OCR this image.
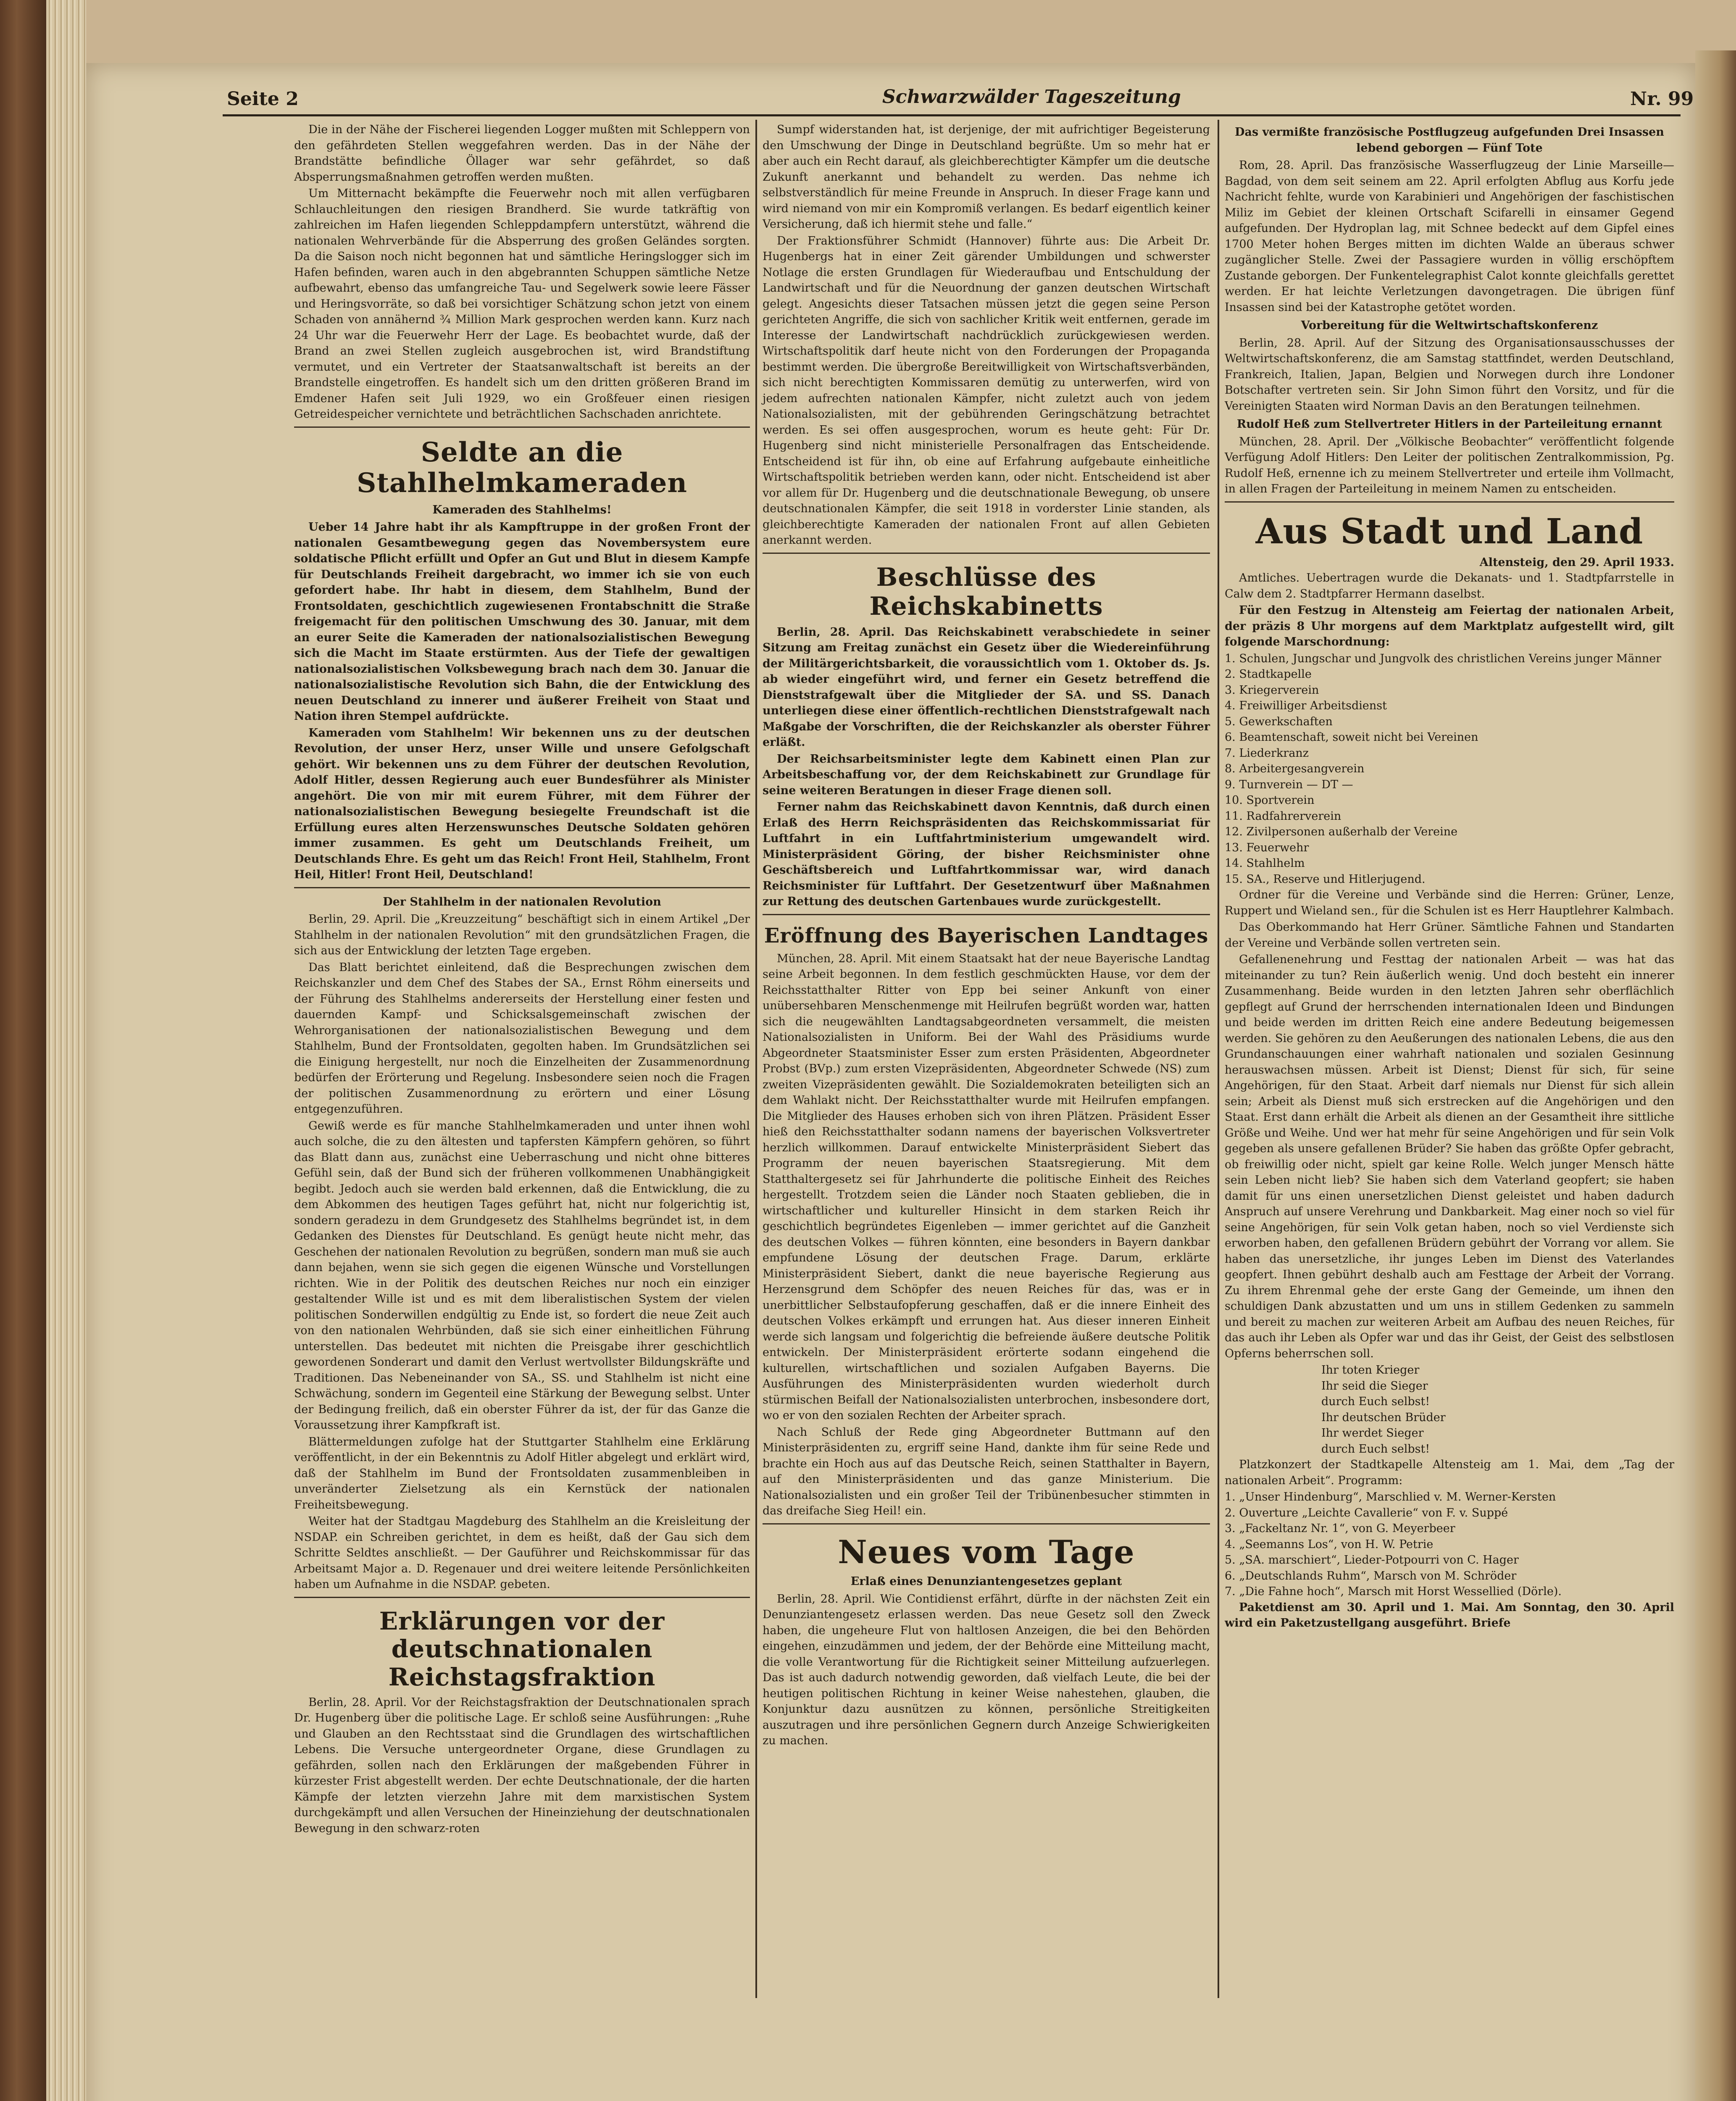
Seite 2	Schwarzwälder Tageszeitung	Nr. 99

Die in der Nähe der Fischerei liegenden Logger mußten mit Schleppern von den gefährdeten Stellen weggefahren werden. Das in der Nähe der Brandstätte befindliche Öllager war sehr gefährdet, so daß Absperrungsmaßnahmen getroffen werden mußten.

Um Mitternacht bekämpfte die Feuerwehr noch mit allen verfügbaren Schlauchleitungen den riesigen Brandherd. Sie wurde tatkräftig von zahlreichen im Hafen liegenden Schleppdampfern unterstützt, während die nationalen Wehrverbände für die Absperrung des großen Geländes sorgten. Da die Saison noch nicht begonnen hat und sämtliche Heringslogger sich im Hafen befinden, waren auch in den abgebrannten Schuppen sämtliche Netze aufbewahrt, ebenso das umfangreiche Tau- und Segelwerk sowie leere Fässer und Heringsvorräte, so daß bei vorsichtiger Schätzung schon jetzt von einem Schaden von annähernd ¾ Million Mark gesprochen werden kann. Kurz nach 24 Uhr war die Feuerwehr Herr der Lage. Es beobachtet wurde, daß der Brand an zwei Stellen zugleich ausgebrochen ist, wird Brandstiftung vermutet, und ein Vertreter der Staatsanwaltschaft ist bereits an der Brandstelle eingetroffen. Es handelt sich um den dritten größeren Brand im Emdener Hafen seit Juli 1929, wo ein Großfeuer einen riesigen Getreidespeicher vernichtete und beträchtlichen Sachschaden anrichtete.

Seldte an die Stahlhelmkameraden
Kameraden des Stahlhelms!

Ueber 14 Jahre habt ihr als Kampftruppe in der großen Front der nationalen Gesamtbewegung gegen das Novembersystem eure soldatische Pflicht erfüllt und Opfer an Gut und Blut in diesem Kampfe für Deutschlands Freiheit dargebracht, wo immer ich sie von euch gefordert habe. Ihr habt in diesem, dem Stahlhelm, Bund der Frontsoldaten, geschichtlich zugewiesenen Frontabschnitt die Straße freigemacht für den politischen Umschwung des 30. Januar, mit dem an eurer Seite die Kameraden der nationalsozialistischen Bewegung sich die Macht im Staate erstürmten. Aus der Tiefe der gewaltigen nationalsozialistischen Volksbewegung brach nach dem 30. Januar die nationalsozialistische Revolution sich Bahn, die der Entwicklung des neuen Deutschland zu innerer und äußerer Freiheit von Staat und Nation ihren Stempel aufdrückte.

Kameraden vom Stahlhelm! Wir bekennen uns zu der deutschen Revolution, der unser Herz, unser Wille und unsere Gefolgschaft gehört. Wir bekennen uns zu dem Führer der deutschen Revolution, Adolf Hitler, dessen Regierung auch euer Bundesführer als Minister angehört. Die von mir mit eurem Führer, mit dem Führer der nationalsozialistischen Bewegung besiegelte Freundschaft ist die Erfüllung eures alten Herzenswunsches Deutsche Soldaten gehören immer zusammen. Es geht um Deutschlands Freiheit, um Deutschlands Ehre. Es geht um das Reich! Front Heil, Stahlhelm, Front Heil, Hitler! Front Heil, Deutschland!

Der Stahlhelm in der nationalen Revolution

Berlin, 29. April. Die „Kreuzzeitung“ beschäftigt sich in einem Artikel „Der Stahlhelm in der nationalen Revolution“ mit den grundsätzlichen Fragen, die sich aus der Entwicklung der letzten Tage ergeben.

Das Blatt berichtet einleitend, daß die Besprechungen zwischen dem Reichskanzler und dem Chef des Stabes der SA., Ernst Röhm einerseits und der Führung des Stahlhelms andererseits der Herstellung einer festen und dauernden Kampf- und Schicksalsgemeinschaft zwischen der Wehrorganisationen der nationalsozialistischen Bewegung und dem Stahlhelm, Bund der Frontsoldaten, gegolten haben. Im Grundsätzlichen sei die Einigung hergestellt, nur noch die Einzelheiten der Zusammenordnung bedürfen der Erörterung und Regelung. Insbesondere seien noch die Fragen der politischen Zusammenordnung zu erörtern und einer Lösung entgegenzuführen.

Gewiß werde es für manche Stahlhelmkameraden und unter ihnen wohl auch solche, die zu den ältesten und tapfersten Kämpfern gehören, so führt das Blatt dann aus, zunächst eine Ueberraschung und nicht ohne bitteres Gefühl sein, daß der Bund sich der früheren vollkommenen Unabhängigkeit begibt. Jedoch auch sie werden bald erkennen, daß die Entwicklung, die zu dem Abkommen des heutigen Tages geführt hat, nicht nur folgerichtig ist, sondern geradezu in dem Grundgesetz des Stahlhelms begründet ist, in dem Gedanken des Dienstes für Deutschland. Es genügt heute nicht mehr, das Geschehen der nationalen Revolution zu begrüßen, sondern man muß sie auch dann bejahen, wenn sie sich gegen die eigenen Wünsche und Vorstellungen richten. Wie in der Politik des deutschen Reiches nur noch ein einziger gestaltender Wille ist und es mit dem liberalistischen System der vielen politischen Sonderwillen endgültig zu Ende ist, so fordert die neue Zeit auch von den nationalen Wehrbünden, daß sie sich einer einheitlichen Führung unterstellen. Das bedeutet mit nichten die Preisgabe ihrer geschichtlich gewordenen Sonderart und damit den Verlust wertvollster Bildungskräfte und Traditionen. Das Nebeneinander von SA., SS. und Stahlhelm ist nicht eine Schwächung, sondern im Gegenteil eine Stärkung der Bewegung selbst. Unter der Bedingung freilich, daß ein oberster Führer da ist, der für das Ganze die Voraussetzung ihrer Kampfkraft ist.

Blättermeldungen zufolge hat der Stuttgarter Stahlhelm eine Erklärung veröffentlicht, in der ein Bekenntnis zu Adolf Hitler abgelegt und erklärt wird, daß der Stahlhelm im Bund der Frontsoldaten zusammenbleiben in unveränderter Zielsetzung als ein Kernstück der nationalen Freiheitsbewegung.

Weiter hat der Stadtgau Magdeburg des Stahlhelm an die Kreisleitung der NSDAP. ein Schreiben gerichtet, in dem es heißt, daß der Gau sich dem Schritte Seldtes anschließt. — Der Gauführer und Reichskommissar für das Arbeitsamt Major a. D. Regenauer und drei weitere leitende Persönlichkeiten haben um Aufnahme in die NSDAP. gebeten.

Erklärungen vor der deutschnationalen Reichstagsfraktion

Berlin, 28. April. Vor der Reichstagsfraktion der Deutschnationalen sprach Dr. Hugenberg über die politische Lage. Er schloß seine Ausführungen: „Ruhe und Glauben an den Rechtsstaat sind die Grundlagen des wirtschaftlichen Lebens. Die Versuche untergeordneter Organe, diese Grundlagen zu gefährden, sollen nach den Erklärungen der maßgebenden Führer in kürzester Frist abgestellt werden. Der echte Deutschnationale, der die harten Kämpfe der letzten vierzehn Jahre mit dem marxistischen System durchgekämpft und allen Versuchen der Hineinziehung der deutschnationalen Bewegung in den schwarz-roten

Sumpf widerstanden hat, ist derjenige, der mit aufrichtiger Begeisterung den Umschwung der Dinge in Deutschland begrüßte. Um so mehr hat er aber auch ein Recht darauf, als gleichberechtigter Kämpfer um die deutsche Zukunft anerkannt und behandelt zu werden. Das nehme ich selbstverständlich für meine Freunde in Anspruch. In dieser Frage kann und wird niemand von mir ein Kompromiß verlangen. Es bedarf eigentlich keiner Versicherung, daß ich hiermit stehe und falle.“

Der Fraktionsführer Schmidt (Hannover) führte aus: Die Arbeit Dr. Hugenbergs hat in einer Zeit gärender Umbildungen und schwerster Notlage die ersten Grundlagen für Wiederaufbau und Entschuldung der Landwirtschaft und für die Neuordnung der ganzen deutschen Wirtschaft gelegt. Angesichts dieser Tatsachen müssen jetzt die gegen seine Person gerichteten Angriffe, die sich von sachlicher Kritik weit entfernen, gerade im Interesse der Landwirtschaft nachdrücklich zurückgewiesen werden. Wirtschaftspolitik darf heute nicht von den Forderungen der Propaganda bestimmt werden. Die übergroße Bereitwilligkeit von Wirtschaftsverbänden, sich nicht berechtigten Kommissaren demütig zu unterwerfen, wird von jedem aufrechten nationalen Kämpfer, nicht zuletzt auch von jedem Nationalsozialisten, mit der gebührenden Geringschätzung betrachtet werden. Es sei offen ausgesprochen, worum es heute geht: Für Dr. Hugenberg sind nicht ministerielle Personalfragen das Entscheidende. Entscheidend ist für ihn, ob eine auf Erfahrung aufgebaute einheitliche Wirtschaftspolitik betrieben werden kann, oder nicht. Entscheidend ist aber vor allem für Dr. Hugenberg und die deutschnationale Bewegung, ob unsere deutschnationalen Kämpfer, die seit 1918 in vorderster Linie standen, als gleichberechtigte Kameraden der nationalen Front auf allen Gebieten anerkannt werden.

Beschlüsse des Reichskabinetts

Berlin, 28. April. Das Reichskabinett verabschiedete in seiner Sitzung am Freitag zunächst ein Gesetz über die Wiedereinführung der Militärgerichtsbarkeit, die voraussichtlich vom 1. Oktober ds. Js. ab wieder eingeführt wird, und ferner ein Gesetz betreffend die Dienststrafgewalt über die Mitglieder der SA. und SS. Danach unterliegen diese einer öffentlich-rechtlichen Dienststrafgewalt nach Maßgabe der Vorschriften, die der Reichskanzler als oberster Führer erläßt.

Der Reichsarbeitsminister legte dem Kabinett einen Plan zur Arbeitsbeschaffung vor, der dem Reichskabinett zur Grundlage für seine weiteren Beratungen in dieser Frage dienen soll.

Ferner nahm das Reichskabinett davon Kenntnis, daß durch einen Erlaß des Herrn Reichspräsidenten das Reichskommissariat für Luftfahrt in ein Luftfahrtministerium umgewandelt wird. Ministerpräsident Göring, der bisher Reichsminister ohne Geschäftsbereich und Luftfahrtkommissar war, wird danach Reichsminister für Luftfahrt. Der Gesetzentwurf über Maßnahmen zur Rettung des deutschen Gartenbaues wurde zurückgestellt.

Eröffnung des Bayerischen Landtages

München, 28. April. Mit einem Staatsakt hat der neue Bayerische Landtag seine Arbeit begonnen. In dem festlich geschmückten Hause, vor dem der Reichsstatthalter Ritter von Epp bei seiner Ankunft von einer unübersehbaren Menschenmenge mit Heilrufen begrüßt worden war, hatten sich die neugewählten Landtagsabgeordneten versammelt, die meisten Nationalsozialisten in Uniform. Bei der Wahl des Präsidiums wurde Abgeordneter Staatsminister Esser zum ersten Präsidenten, Abgeordneter Probst (BVp.) zum ersten Vizepräsidenten, Abgeordneter Schwede (NS) zum zweiten Vizepräsidenten gewählt. Die Sozialdemokraten beteiligten sich an dem Wahlakt nicht. Der Reichsstatthalter wurde mit Heilrufen empfangen. Die Mitglieder des Hauses erhoben sich von ihren Plätzen. Präsident Esser hieß den Reichsstatthalter sodann namens der bayerischen Volksvertreter herzlich willkommen. Darauf entwickelte Ministerpräsident Siebert das Programm der neuen bayerischen Staatsregierung. Mit dem Statthaltergesetz sei für Jahrhunderte die politische Einheit des Reiches hergestellt. Trotzdem seien die Länder noch Staaten geblieben, die in wirtschaftlicher und kultureller Hinsicht in dem starken Reich ihr geschichtlich begründetes Eigenleben — immer gerichtet auf die Ganzheit des deutschen Volkes — führen könnten, eine besonders in Bayern dankbar empfundene Lösung der deutschen Frage. Darum, erklärte Ministerpräsident Siebert, dankt die neue bayerische Regierung aus Herzensgrund dem Schöpfer des neuen Reiches für das, was er in unerbittlicher Selbstaufopferung geschaffen, daß er die innere Einheit des deutschen Volkes erkämpft und errungen hat. Aus dieser inneren Einheit werde sich langsam und folgerichtig die befreiende äußere deutsche Politik entwickeln. Der Ministerpräsident erörterte sodann eingehend die kulturellen, wirtschaftlichen und sozialen Aufgaben Bayerns. Die Ausführungen des Ministerpräsidenten wurden wiederholt durch stürmischen Beifall der Nationalsozialisten unterbrochen, insbesondere dort, wo er von den sozialen Rechten der Arbeiter sprach.

Nach Schluß der Rede ging Abgeordneter Buttmann auf den Ministerpräsidenten zu, ergriff seine Hand, dankte ihm für seine Rede und brachte ein Hoch aus auf das Deutsche Reich, seinen Statthalter in Bayern, auf den Ministerpräsidenten und das ganze Ministerium. Die Nationalsozialisten und ein großer Teil der Tribünenbesucher stimmten in das dreifache Sieg Heil! ein.

Neues vom Tage
Erlaß eines Denunziantengesetzes geplant

Berlin, 28. April. Wie Contidienst erfährt, dürfte in der nächsten Zeit ein Denunziantengesetz erlassen werden. Das neue Gesetz soll den Zweck haben, die ungeheure Flut von haltlosen Anzeigen, die bei den Behörden eingehen, einzudämmen und jedem, der der Behörde eine Mitteilung macht, die volle Verantwortung für die Richtigkeit seiner Mitteilung aufzuerlegen. Das ist auch dadurch notwendig geworden, daß vielfach Leute, die bei der heutigen politischen Richtung in keiner Weise nahestehen, glauben, die Konjunktur dazu ausnützen zu können, persönliche Streitigkeiten auszutragen und ihre persönlichen Gegnern durch Anzeige Schwierigkeiten zu machen.

Das vermißte französische Postflugzeug aufgefunden Drei Insassen lebend geborgen — Fünf Tote

Rom, 28. April. Das französische Wasserflugzeug der Linie Marseille—Bagdad, von dem seit seinem am 22. April erfolgten Abflug aus Korfu jede Nachricht fehlte, wurde von Karabinieri und Angehörigen der faschistischen Miliz im Gebiet der kleinen Ortschaft Scifarelli in einsamer Gegend aufgefunden. Der Hydroplan lag, mit Schnee bedeckt auf dem Gipfel eines 1700 Meter hohen Berges mitten im dichten Walde an überaus schwer zugänglicher Stelle. Zwei der Passagiere wurden in völlig erschöpftem Zustande geborgen. Der Funkentelegraphist Calot konnte gleichfalls gerettet werden. Er hat leichte Verletzungen davongetragen. Die übrigen fünf Insassen sind bei der Katastrophe getötet worden.

Vorbereitung für die Weltwirtschaftskonferenz

Berlin, 28. April. Auf der Sitzung des Organisationsausschusses der Weltwirtschaftskonferenz, die am Samstag stattfindet, werden Deutschland, Frankreich, Italien, Japan, Belgien und Norwegen durch ihre Londoner Botschafter vertreten sein. Sir John Simon führt den Vorsitz, und für die Vereinigten Staaten wird Norman Davis an den Beratungen teilnehmen.

Rudolf Heß zum Stellvertreter Hitlers in der Parteileitung ernannt

München, 28. April. Der „Völkische Beobachter“ veröffentlicht folgende Verfügung Adolf Hitlers: Den Leiter der politischen Zentralkommission, Pg. Rudolf Heß, ernenne ich zu meinem Stellvertreter und erteile ihm Vollmacht, in allen Fragen der Parteileitung in meinem Namen zu entscheiden.

Aus Stadt und Land
Altensteig, den 29. April 1933.

Amtliches. Uebertragen wurde die Dekanats- und 1. Stadtpfarrstelle in Calw dem 2. Stadtpfarrer Hermann daselbst.

Für den Festzug in Altensteig am Feiertag der nationalen Arbeit, der präzis 8 Uhr morgens auf dem Marktplatz aufgestellt wird, gilt folgende Marschordnung:

1. Schulen, Jungschar und Jungvolk des christlichen Vereins junger Männer
2. Stadtkapelle
3. Kriegerverein
4. Freiwilliger Arbeitsdienst
5. Gewerkschaften
6. Beamtenschaft, soweit nicht bei Vereinen
7. Liederkranz
8. Arbeitergesangverein
9. Turnverein — DT —
10. Sportverein
11. Radfahrerverein
12. Zivilpersonen außerhalb der Vereine
13. Feuerwehr
14. Stahlhelm
15. SA., Reserve und Hitlerjugend.

Ordner für die Vereine und Verbände sind die Herren: Grüner, Lenze, Ruppert und Wieland sen., für die Schulen ist es Herr Hauptlehrer Kalmbach.

Das Oberkommando hat Herr Grüner. Sämtliche Fahnen und Standarten der Vereine und Verbände sollen vertreten sein.

Gefallenenehrung und Festtag der nationalen Arbeit — was hat das miteinander zu tun? Rein äußerlich wenig. Und doch besteht ein innerer Zusammenhang. Beide wurden in den letzten Jahren sehr oberflächlich gepflegt auf Grund der herrschenden internationalen Ideen und Bindungen und beide werden im dritten Reich eine andere Bedeutung beigemessen werden. Sie gehören zu den Aeußerungen des nationalen Lebens, die aus den Grundanschauungen einer wahrhaft nationalen und sozialen Gesinnung herauswachsen müssen. Arbeit ist Dienst; Dienst für sich, für seine Angehörigen, für den Staat. Arbeit darf niemals nur Dienst für sich allein sein; Arbeit als Dienst muß sich erstrecken auf die Angehörigen und den Staat. Erst dann erhält die Arbeit als dienen an der Gesamtheit ihre sittliche Größe und Weihe. Und wer hat mehr für seine Angehörigen und für sein Volk gegeben als unsere gefallenen Brüder? Sie haben das größte Opfer gebracht, ob freiwillig oder nicht, spielt gar keine Rolle. Welch junger Mensch hätte sein Leben nicht lieb? Sie haben sich dem Vaterland geopfert; sie haben damit für uns einen unersetzlichen Dienst geleistet und haben dadurch Anspruch auf unsere Verehrung und Dankbarkeit. Mag einer noch so viel für seine Angehörigen, für sein Volk getan haben, noch so viel Verdienste sich erworben haben, den gefallenen Brüdern gebührt der Vorrang vor allem. Sie haben das unersetzliche, ihr junges Leben im Dienst des Vaterlandes geopfert. Ihnen gebührt deshalb auch am Festtage der Arbeit der Vorrang. Zu ihrem Ehrenmal gehe der erste Gang der Gemeinde, um ihnen den schuldigen Dank abzustatten und um uns in stillem Gedenken zu sammeln und bereit zu machen zur weiteren Arbeit am Aufbau des neuen Reiches, für das auch ihr Leben als Opfer war und das ihr Geist, der Geist des selbstlosen Opferns beherrschen soll.

Ihr toten Krieger
Ihr seid die Sieger
durch Euch selbst!
Ihr deutschen Brüder
Ihr werdet Sieger
durch Euch selbst!

Platzkonzert der Stadtkapelle Altensteig am 1. Mai, dem „Tag der nationalen Arbeit“. Programm:

1. „Unser Hindenburg“, Marschlied v. M. Werner-Kersten
2. Ouverture „Leichte Cavallerie“ von F. v. Suppé
3. „Fackeltanz Nr. 1“, von G. Meyerbeer
4. „Seemanns Los“, von H. W. Petrie
5. „SA. marschiert“, Lieder-Potpourri von C. Hager
6. „Deutschlands Ruhm“, Marsch von M. Schröder
7. „Die Fahne hoch“, Marsch mit Horst Wessellied (Dörle).

Paketdienst am 30. April und 1. Mai. Am Sonntag, den 30. April wird ein Paketzustellgang ausgeführt. Briefe
